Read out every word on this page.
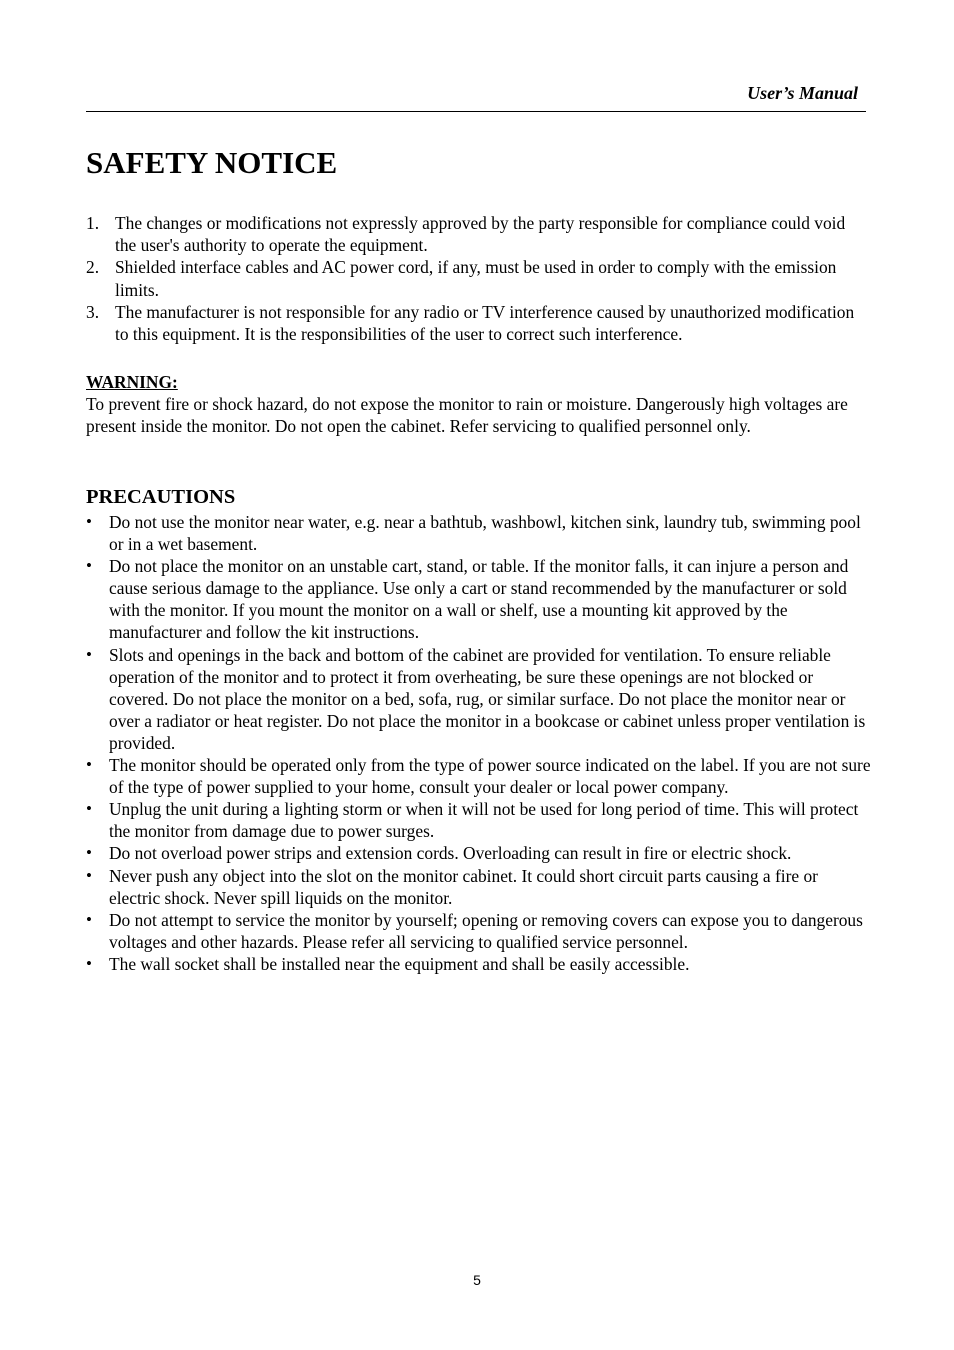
User’s Manual
SAFETY NOTICE
1. The changes or modifications not expressly approved by the party responsible for compliance could void the user's authority to operate the equipment.
2. Shielded interface cables and AC power cord, if any, must be used in order to comply with the emission limits.
3. The manufacturer is not responsible for any radio or TV interference caused by unauthorized modification to this equipment. It is the responsibilities of the user to correct such interference.
WARNING:

To prevent fire or shock hazard, do not expose the monitor to rain or moisture. Dangerously high voltages are present inside the monitor. Do not open the cabinet. Refer servicing to qualified personnel only.

PRECAUTIONS
• Do not use the monitor near water, e.g. near a bathtub, washbowl, kitchen sink, laundry tub, swimming pool or in a wet basement.
• Do not place the monitor on an unstable cart, stand, or table. If the monitor falls, it can injure a person and cause serious damage to the appliance. Use only a cart or stand recommended by the manufacturer or sold with the monitor. If you mount the monitor on a wall or shelf, use a mounting kit approved by the manufacturer and follow the kit instructions.
• Slots and openings in the back and bottom of the cabinet are provided for ventilation. To ensure reliable operation of the monitor and to protect it from overheating, be sure these openings are not blocked or covered. Do not place the monitor on a bed, sofa, rug, or similar surface. Do not place the monitor near or over a radiator or heat register. Do not place the monitor in a bookcase or cabinet unless proper ventilation is provided.
• The monitor should be operated only from the type of power source indicated on the label. If you are not sure of the type of power supplied to your home, consult your dealer or local power company.
• Unplug the unit during a lighting storm or when it will not be used for long period of time. This will protect the monitor from damage due to power surges.
• Do not overload power strips and extension cords. Overloading can result in fire or electric shock.
• Never push any object into the slot on the monitor cabinet. It could short circuit parts causing a fire or electric shock. Never spill liquids on the monitor.
• Do not attempt to service the monitor by yourself; opening or removing covers can expose you to dangerous voltages and other hazards. Please refer all servicing to qualified service personnel.
• The wall socket shall be installed near the equipment and shall be easily accessible.
5
